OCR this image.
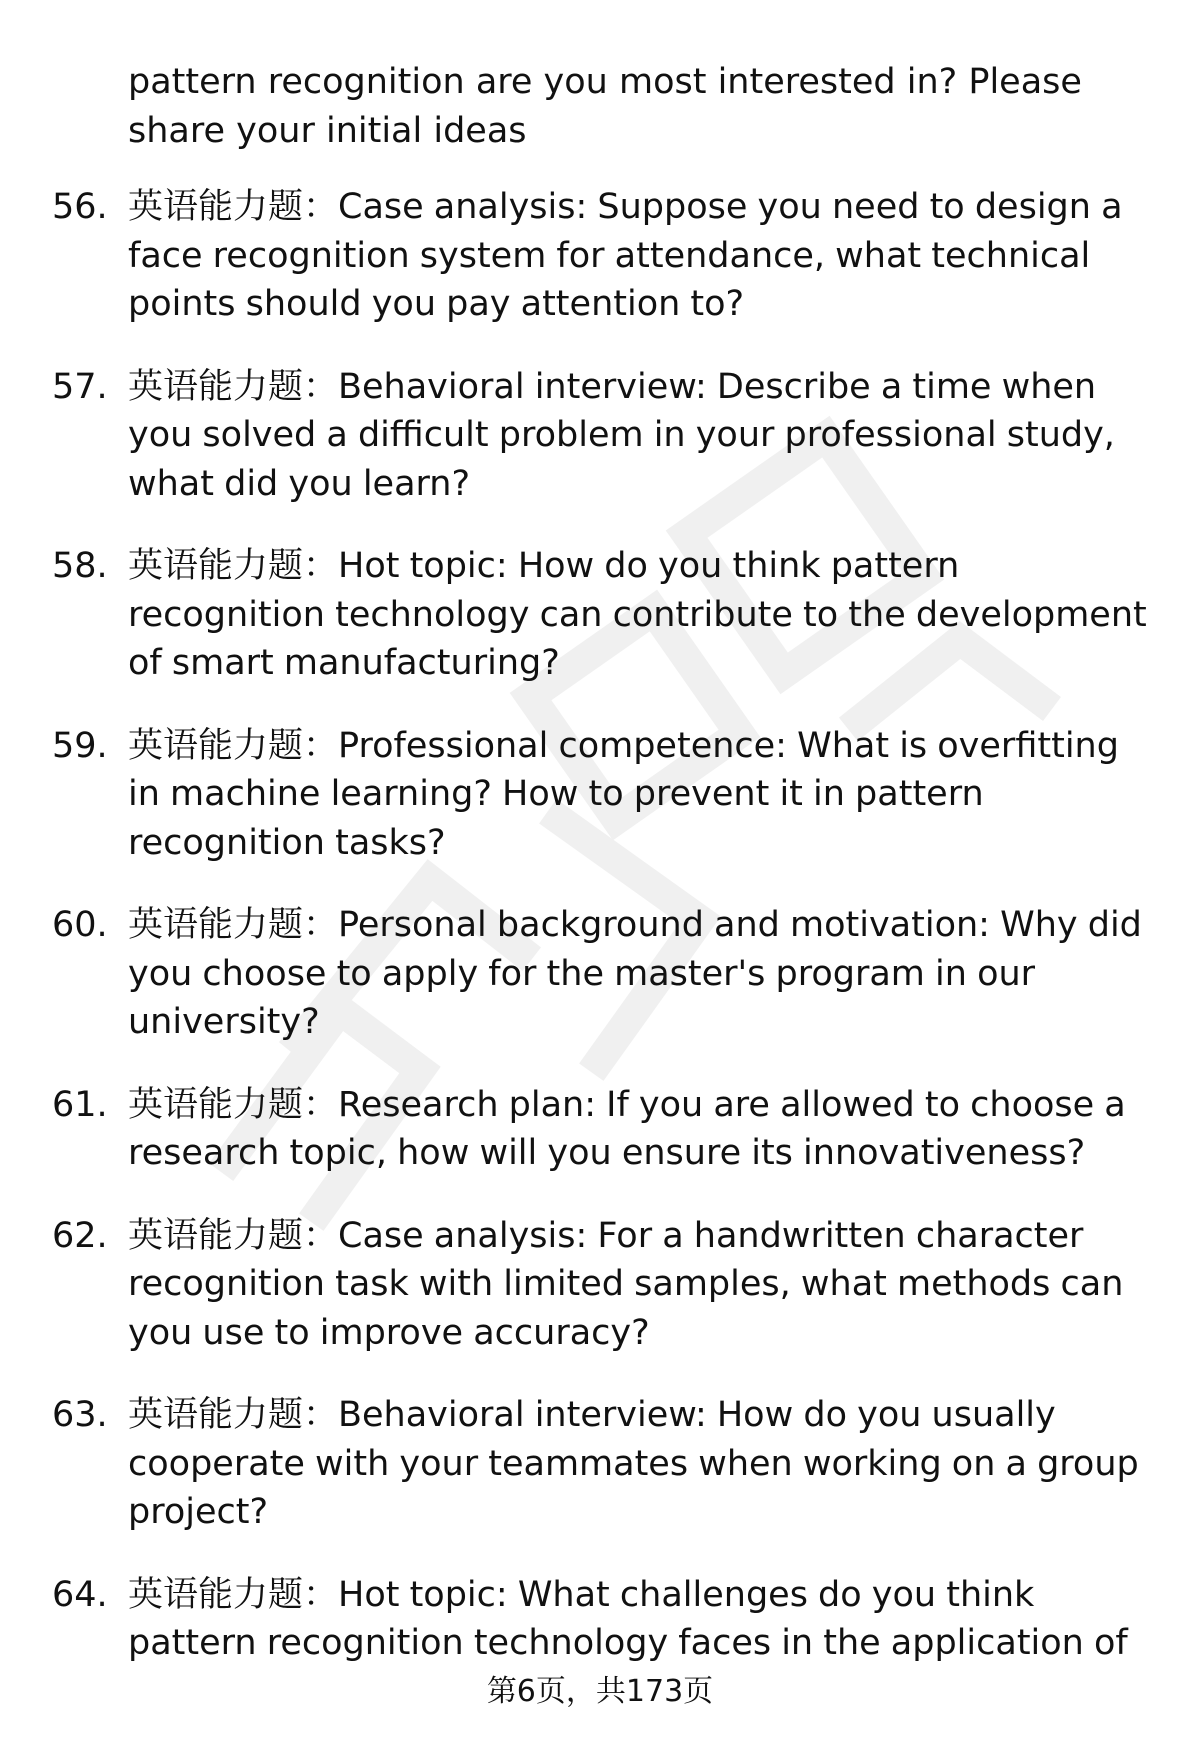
pattern recognition are you most interested in? Please
share your initial ideas
56. 英语能力题：Case analysis: Suppose you need to design a face recognition system for attendance, what technical points should you pay attention to?
57. 英语能力题：Behavioral interview: Describe a time when you solved a difficult problem in your professional study, what did you learn?
58. 英语能力题：Hot topic: How do you think pattern recognition technology can contribute to the development of smart manufacturing?
59. 英语能力题：Professional competence: What is overfitting in machine learning? How to prevent it in pattern recognition tasks?
60. 英语能力题：Personal background and motivation: Why did you choose to apply for the master's program in our university?
61. 英语能力题：Research plan: If you are allowed to choose a research topic, how will you ensure its innovativeness?
62. 英语能力题：Case analysis: For a handwritten character recognition task with limited samples, what methods can you use to improve accuracy?
63. 英语能力题：Behavioral interview: How do you usually cooperate with your teammates when working on a group project?
64. 英语能力题：Hot topic: What challenges do you think pattern recognition technology faces in the application of
第6页，共173页
